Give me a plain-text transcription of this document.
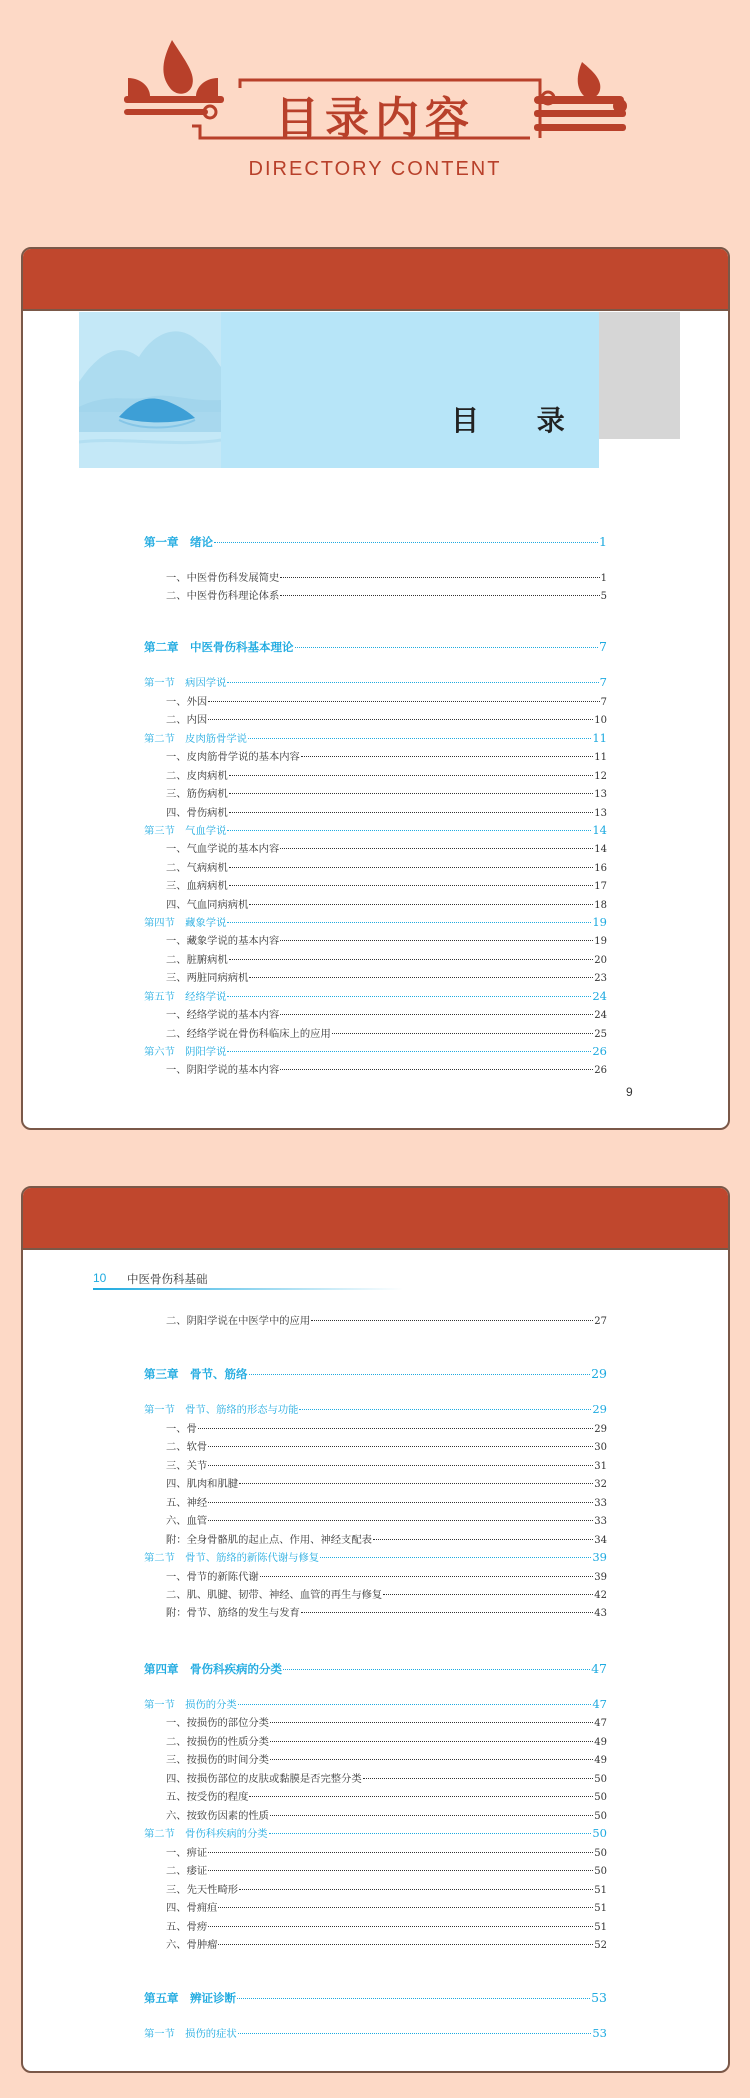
目录内容
DIRECTORY CONTENT
目 录
第一章　绪论	1
一、中医骨伤科发展简史	1
二、中医骨伤科理论体系	5
第二章　中医骨伤科基本理论	7
第一节　病因学说	7
一、外因	7
二、内因	10
第二节　皮肉筋骨学说	11
一、皮肉筋骨学说的基本内容	11
二、皮肉病机	12
三、筋伤病机	13
四、骨伤病机	13
第三节　气血学说	14
一、气血学说的基本内容	14
二、气病病机	16
三、血病病机	17
四、气血同病病机	18
第四节　藏象学说	19
一、藏象学说的基本内容	19
二、脏腑病机	20
三、两脏同病病机	23
第五节　经络学说	24
一、经络学说的基本内容	24
二、经络学说在骨伤科临床上的应用	25
第六节　阴阳学说	26
一、阴阳学说的基本内容	26
9
10 中医骨伤科基础
二、阴阳学说在中医学中的应用	27
第三章　骨节、筋络	29
第一节　骨节、筋络的形态与功能	29
一、骨	29
二、软骨	30
三、关节	31
四、肌肉和肌腱	32
五、神经	33
六、血管	33
附：全身骨骼肌的起止点、作用、神经支配表	34
第二节　骨节、筋络的新陈代谢与修复	39
一、骨节的新陈代谢	39
二、肌、肌腱、韧带、神经、血管的再生与修复	42
附：骨节、筋络的发生与发育	43
第四章　骨伤科疾病的分类	47
第一节　损伤的分类	47
一、按损伤的部位分类	47
二、按损伤的性质分类	49
三、按损伤的时间分类	49
四、按损伤部位的皮肤或黏膜是否完整分类	50
五、按受伤的程度	50
六、按致伤因素的性质	50
第二节　骨伤科疾病的分类	50
一、痹证	50
二、痿证	50
三、先天性畸形	51
四、骨痈疽	51
五、骨痨	51
六、骨肿瘤	52
第五章　辨证诊断	53
第一节　损伤的症状	53
